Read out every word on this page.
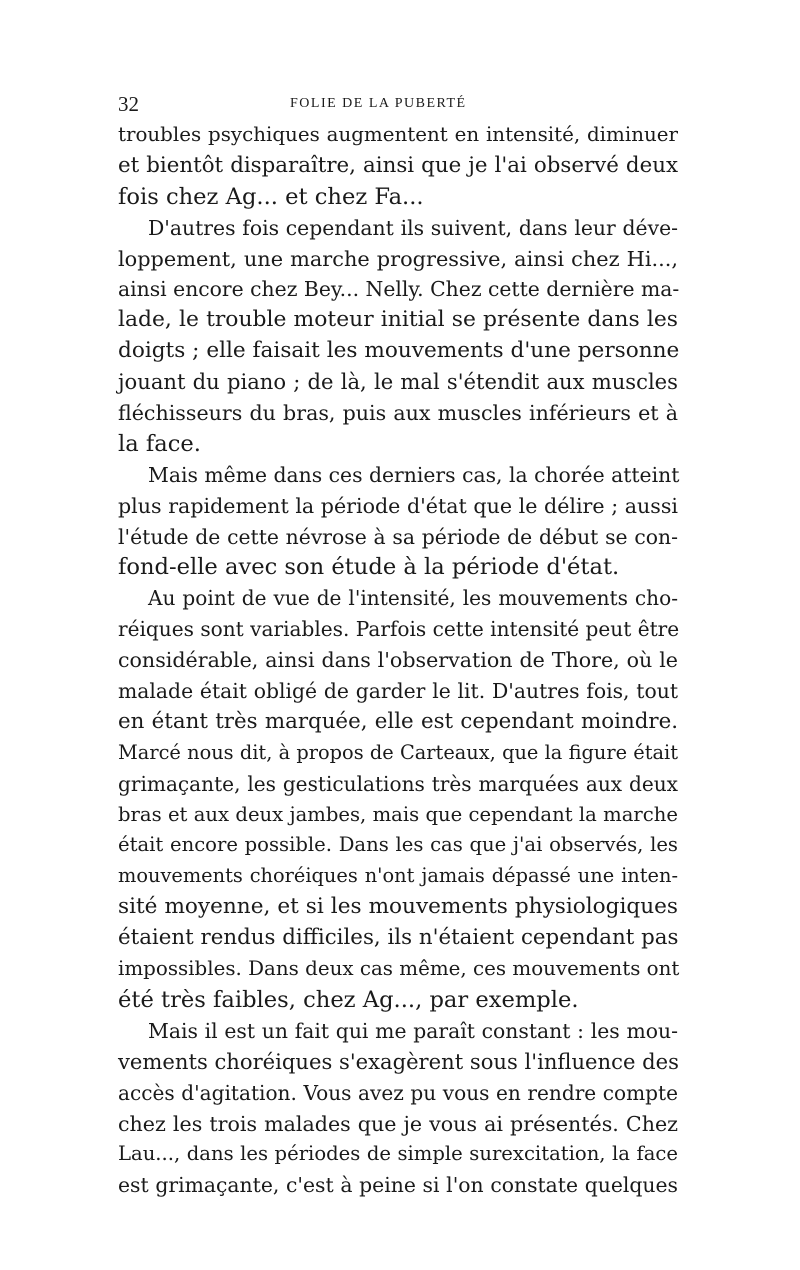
32	FOLIE DE LA PUBERTÉ
troubles psychiques augmentent en intensité, diminuer
et bientôt disparaître, ainsi que je l'ai observé deux
fois chez Ag... et chez Fa...
D'autres fois cependant ils suivent, dans leur déve-
loppement, une marche progressive, ainsi chez Hi...,
ainsi encore chez Bey... Nelly. Chez cette dernière ma-
lade, le trouble moteur initial se présente dans les
doigts ; elle faisait les mouvements d'une personne
jouant du piano ; de là, le mal s'étendit aux muscles
fléchisseurs du bras, puis aux muscles inférieurs et à
la face.
Mais même dans ces derniers cas, la chorée atteint
plus rapidement la période d'état que le délire ; aussi
l'étude de cette névrose à sa période de début se con-
fond-elle avec son étude à la période d'état.
Au point de vue de l'intensité, les mouvements cho-
réiques sont variables. Parfois cette intensité peut être
considérable, ainsi dans l'observation de Thore, où le
malade était obligé de garder le lit. D'autres fois, tout
en étant très marquée, elle est cependant moindre.
Marcé nous dit, à propos de Carteaux, que la figure était
grimaçante, les gesticulations très marquées aux deux
bras et aux deux jambes, mais que cependant la marche
était encore possible. Dans les cas que j'ai observés, les
mouvements choréiques n'ont jamais dépassé une inten-
sité moyenne, et si les mouvements physiologiques
étaient rendus difficiles, ils n'étaient cependant pas
impossibles. Dans deux cas même, ces mouvements ont
été très faibles, chez Ag..., par exemple.
Mais il est un fait qui me paraît constant : les mou-
vements choréiques s'exagèrent sous l'influence des
accès d'agitation. Vous avez pu vous en rendre compte
chez les trois malades que je vous ai présentés. Chez
Lau..., dans les périodes de simple surexcitation, la face
est grimaçante, c'est à peine si l'on constate quelques
